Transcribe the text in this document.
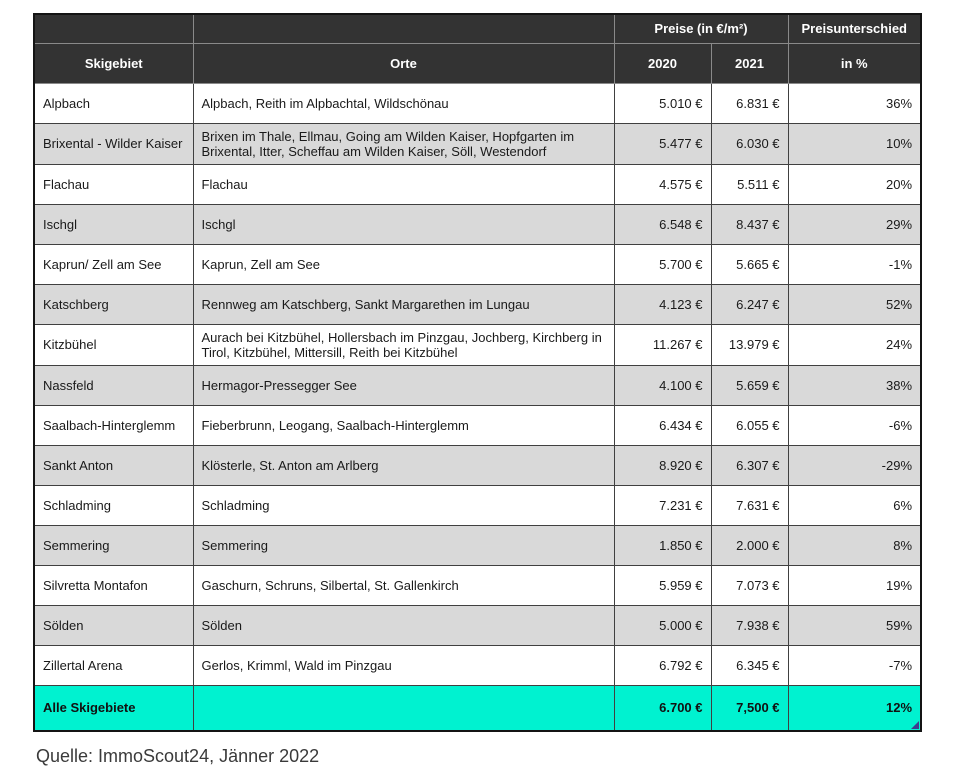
		Preise (in €/m²)		Preisunterschied
Skigebiet	Orte	2020	2021	in %
Alpbach	Alpbach, Reith im Alpbachtal, Wildschönau	5.010 €	6.831 €	36%
Brixental - Wilder Kaiser	Brixen im Thale, Ellmau, Going am Wilden Kaiser, Hopfgarten im Brixental, Itter, Scheffau am Wilden Kaiser, Söll, Westendorf	5.477 €	6.030 €	10%
Flachau	Flachau	4.575 €	5.511 €	20%
Ischgl	Ischgl	6.548 €	8.437 €	29%
Kaprun/ Zell am See	Kaprun, Zell am See	5.700 €	5.665 €	-1%
Katschberg	Rennweg am Katschberg, Sankt Margarethen im Lungau	4.123 €	6.247 €	52%
Kitzbühel	Aurach bei Kitzbühel, Hollersbach im Pinzgau, Jochberg, Kirchberg in Tirol, Kitzbühel, Mittersill, Reith bei Kitzbühel	11.267 €	13.979 €	24%
Nassfeld	Hermagor-Pressegger See	4.100 €	5.659 €	38%
Saalbach-Hinterglemm	Fieberbrunn, Leogang, Saalbach-Hinterglemm	6.434 €	6.055 €	-6%
Sankt Anton	Klösterle, St. Anton am Arlberg	8.920 €	6.307 €	-29%
Schladming	Schladming	7.231 €	7.631 €	6%
Semmering	Semmering	1.850 €	2.000 €	8%
Silvretta Montafon	Gaschurn, Schruns, Silbertal, St. Gallenkirch	5.959 €	7.073 €	19%
Sölden	Sölden	5.000 €	7.938 €	59%
Zillertal Arena	Gerlos, Krimml, Wald im Pinzgau	6.792 €	6.345 €	-7%
Alle Skigebiete		6.700 €	7,500 €	12%
Quelle: ImmoScout24, Jänner 2022
